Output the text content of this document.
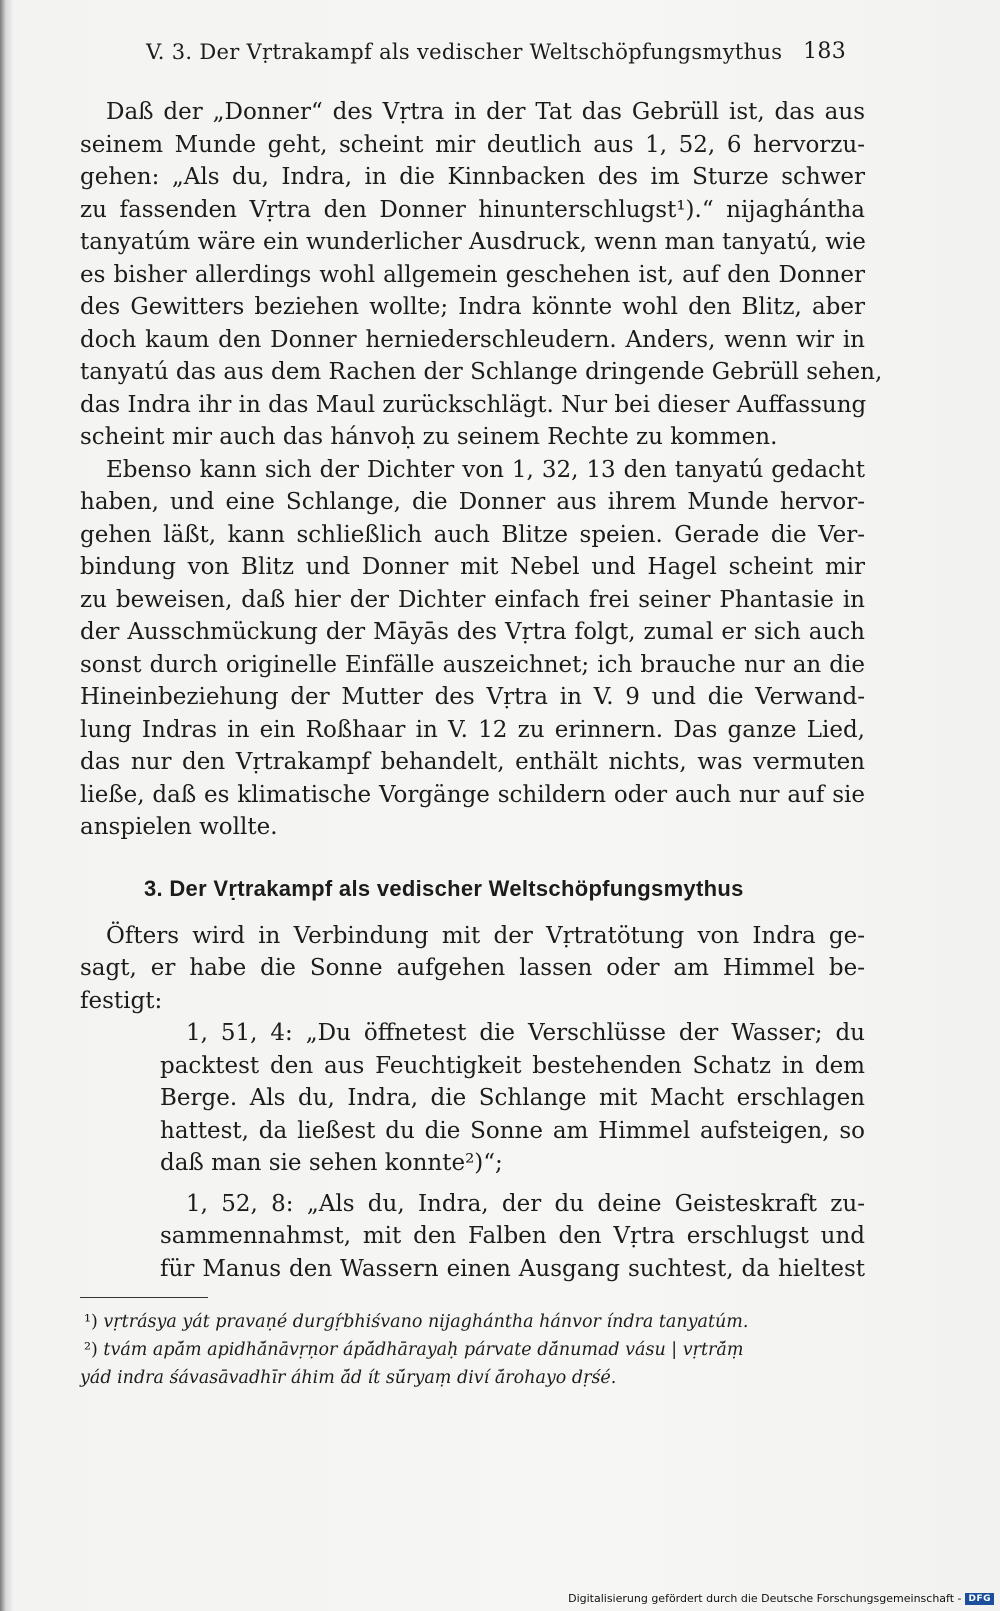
V. 3. Der Vṛtrakampf als vedischer Weltschöpfungsmythus 183
Daß der „Donner“ des Vṛtra in der Tat das Gebrüll ist, das aus
seinem Munde geht, scheint mir deutlich aus 1, 52, 6 hervorzu-
gehen: „Als du, Indra, in die Kinnbacken des im Sturze schwer
zu fassenden Vṛtra den Donner hinunterschlugst¹).“ nijaghántha
tanyatúm wäre ein wunderlicher Ausdruck, wenn man tanyatú, wie
es bisher allerdings wohl allgemein geschehen ist, auf den Donner
des Gewitters beziehen wollte; Indra könnte wohl den Blitz, aber
doch kaum den Donner herniederschleudern. Anders, wenn wir in
tanyatú das aus dem Rachen der Schlange dringende Gebrüll sehen,
das Indra ihr in das Maul zurückschlägt. Nur bei dieser Auffassung
scheint mir auch das hánvoḥ zu seinem Rechte zu kommen.
Ebenso kann sich der Dichter von 1, 32, 13 den tanyatú gedacht
haben, und eine Schlange, die Donner aus ihrem Munde hervor-
gehen läßt, kann schließlich auch Blitze speien. Gerade die Ver-
bindung von Blitz und Donner mit Nebel und Hagel scheint mir
zu beweisen, daß hier der Dichter einfach frei seiner Phantasie in
der Ausschmückung der Māyās des Vṛtra folgt, zumal er sich auch
sonst durch originelle Einfälle auszeichnet; ich brauche nur an die
Hineinbeziehung der Mutter des Vṛtra in V. 9 und die Verwand-
lung Indras in ein Roßhaar in V. 12 zu erinnern. Das ganze Lied,
das nur den Vṛtrakampf behandelt, enthält nichts, was vermuten
ließe, daß es klimatische Vorgänge schildern oder auch nur auf sie
anspielen wollte.
3. Der Vṛtrakampf als vedischer Weltschöpfungsmythus
Öfters wird in Verbindung mit der Vṛtratötung von Indra ge-
sagt, er habe die Sonne aufgehen lassen oder am Himmel be-
festigt:
1, 51, 4: „Du öffnetest die Verschlüsse der Wasser; du
packtest den aus Feuchtigkeit bestehenden Schatz in dem
Berge. Als du, Indra, die Schlange mit Macht erschlagen
hattest, da ließest du die Sonne am Himmel aufsteigen, so
daß man sie sehen konnte²)“;
1, 52, 8: „Als du, Indra, der du deine Geisteskraft zu-
sammennahmst, mit den Falben den Vṛtra erschlugst und
für Manus den Wassern einen Ausgang suchtest, da hieltest
¹) vṛtrásya yát pravaṇé durgṛ́bhiśvano nijaghántha hánvor índra tanyatúm.
²) tvám apā́m apidhā́nāvṛṇor ápā́dhārayaḥ párvate dā́numad vásu | vṛtrā́ṃ
yád indra śávasāvadhīr áhim ā́d ít sū́ryaṃ diví ā́rohayo dṛśé.
Digitalisierung gefördert durch die Deutsche Forschungsgemeinschaft - DFG
